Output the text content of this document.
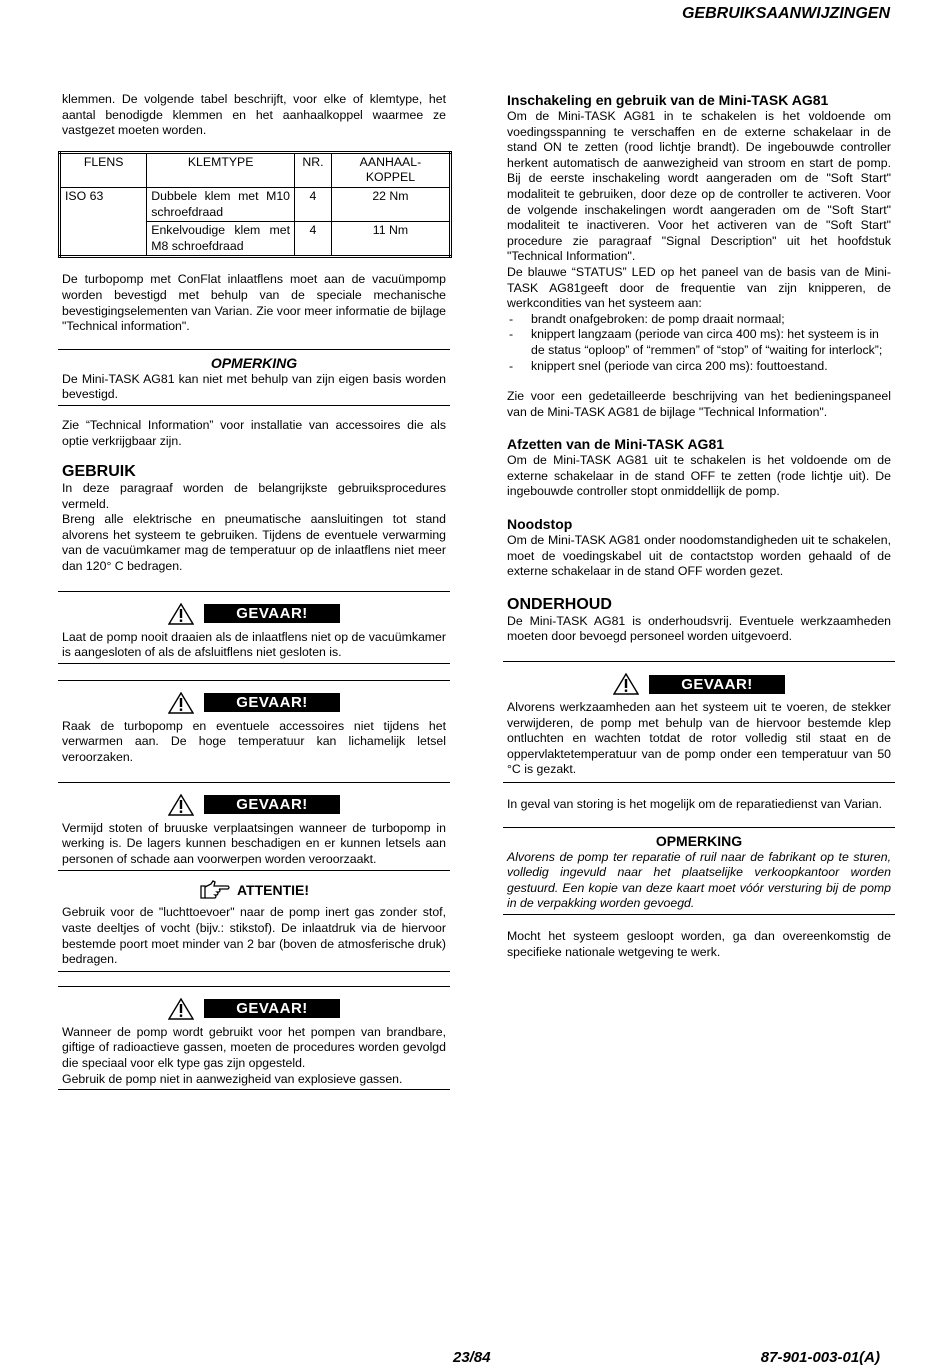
GEBRUIKSAANWIJZINGEN

klemmen. De volgende tabel beschrijft, voor elke of klemtype, het aantal benodigde klemmen en het aanhaalkoppel waarmee ze vastgezet moeten worden.

FLENS	KLEMTYPE	NR.	AANHAAL-KOPPEL
ISO 63	Dubbele klem met M10 schroefdraad	4	22 Nm
	Enkelvoudige klem met M8 schroefdraad	4	11 Nm

De turbopomp met ConFlat inlaatflens moet aan de vacuümpomp worden bevestigd met behulp van de speciale mechanische bevestigingselementen van Varian. Zie voor meer informatie de bijlage "Technical information".

OPMERKING

De Mini-TASK AG81 kan niet met behulp van zijn eigen basis worden bevestigd.

Zie “Technical Information” voor installatie van accessoires die als optie verkrijgbaar zijn.

GEBRUIK

In deze paragraaf worden de belangrijkste gebruiksprocedures vermeld.

Breng alle elektrische en pneumatische aansluitingen tot stand alvorens het systeem te gebruiken. Tijdens de eventuele verwarming van de vacuümkamer mag de temperatuur op de inlaatflens niet meer dan 120° C bedragen.

GEVAAR!

Laat de pomp nooit draaien als de inlaatflens niet op de vacuümkamer is aangesloten of als de afsluitflens niet gesloten is.

GEVAAR!

Raak de turbopomp en eventuele accessoires niet tijdens het verwarmen aan. De hoge temperatuur kan lichamelijk letsel veroorzaken.

GEVAAR!

Vermijd stoten of bruuske verplaatsingen wanneer de turbopomp in werking is. De lagers kunnen beschadigen en er kunnen letsels aan personen of schade aan voorwerpen worden veroorzaakt.

ATTENTIE!

Gebruik voor de "luchttoevoer" naar de pomp inert gas zonder stof, vaste deeltjes of vocht (bijv.: stikstof). De inlaatdruk via de hiervoor bestemde poort moet minder van 2 bar (boven de atmosferische druk) bedragen.

GEVAAR!

Wanneer de pomp wordt gebruikt voor het pompen van brandbare, giftige of radioactieve gassen, moeten de procedures worden gevolgd die speciaal voor elk type gas zijn opgesteld.

Gebruik de pomp niet in aanwezigheid van explosieve gassen.

Inschakeling en gebruik van de Mini-TASK AG81

Om de Mini-TASK AG81 in te schakelen is het voldoende om voedingsspanning te verschaffen en de externe schakelaar in de stand ON te zetten (rood lichtje brandt). De ingebouwde controller herkent automatisch de aanwezigheid van stroom en start de pomp. Bij de eerste inschakeling wordt aangeraden om de "Soft Start" modaliteit te gebruiken, door deze op de controller te activeren. Voor de volgende inschakelingen wordt aangeraden om de "Soft Start" modaliteit te inactiveren. Voor het activeren van de "Soft Start" procedure zie paragraaf "Signal Description" uit het hoofdstuk "Technical Information".

De blauwe “STATUS” LED op het paneel van de basis van de Mini-TASK AG81geeft door de frequentie van zijn knipperen, de werkcondities van het systeem aan:

- brandt onafgebroken: de pomp draait normaal;
- knippert langzaam (periode van circa 400 ms): het systeem is in de status “oploop” of “remmen” of “stop” of “waiting for interlock”;
- knippert snel (periode van circa 200 ms): fouttoestand.

Zie voor een gedetailleerde beschrijving van het bedieningspaneel van de Mini-TASK AG81 de bijlage "Technical Information".

Afzetten van de Mini-TASK AG81

Om de Mini-TASK AG81 uit te schakelen is het voldoende om de externe schakelaar in de stand OFF te zetten (rode lichtje uit). De ingebouwde controller stopt onmiddellijk de pomp.

Noodstop

Om de Mini-TASK AG81 onder noodomstandigheden uit te schakelen, moet de voedingskabel uit de contactstop worden gehaald of de externe schakelaar in de stand OFF worden gezet.

ONDERHOUD

De Mini-TASK AG81 is onderhoudsvrij. Eventuele werkzaamheden moeten door bevoegd personeel worden uitgevoerd.

GEVAAR!

Alvorens werkzaamheden aan het systeem uit te voeren, de stekker verwijderen, de pomp met behulp van de hiervoor bestemde klep ontluchten en wachten totdat de rotor volledig stil staat en de oppervlaktetemperatuur van de pomp onder een temperatuur van 50 °C is gezakt.

In geval van storing is het mogelijk om de reparatiedienst van Varian.

OPMERKING

Alvorens de pomp ter reparatie of ruil naar de fabrikant op te sturen, volledig ingevuld naar het plaatselijke verkoopkantoor worden gestuurd. Een kopie van deze kaart moet vóór versturing bij de pomp in de verpakking worden gevoegd.

Mocht het systeem gesloopt worden, ga dan overeenkomstig de specifieke nationale wetgeving te werk.

23/84	87-901-003-01(A)
